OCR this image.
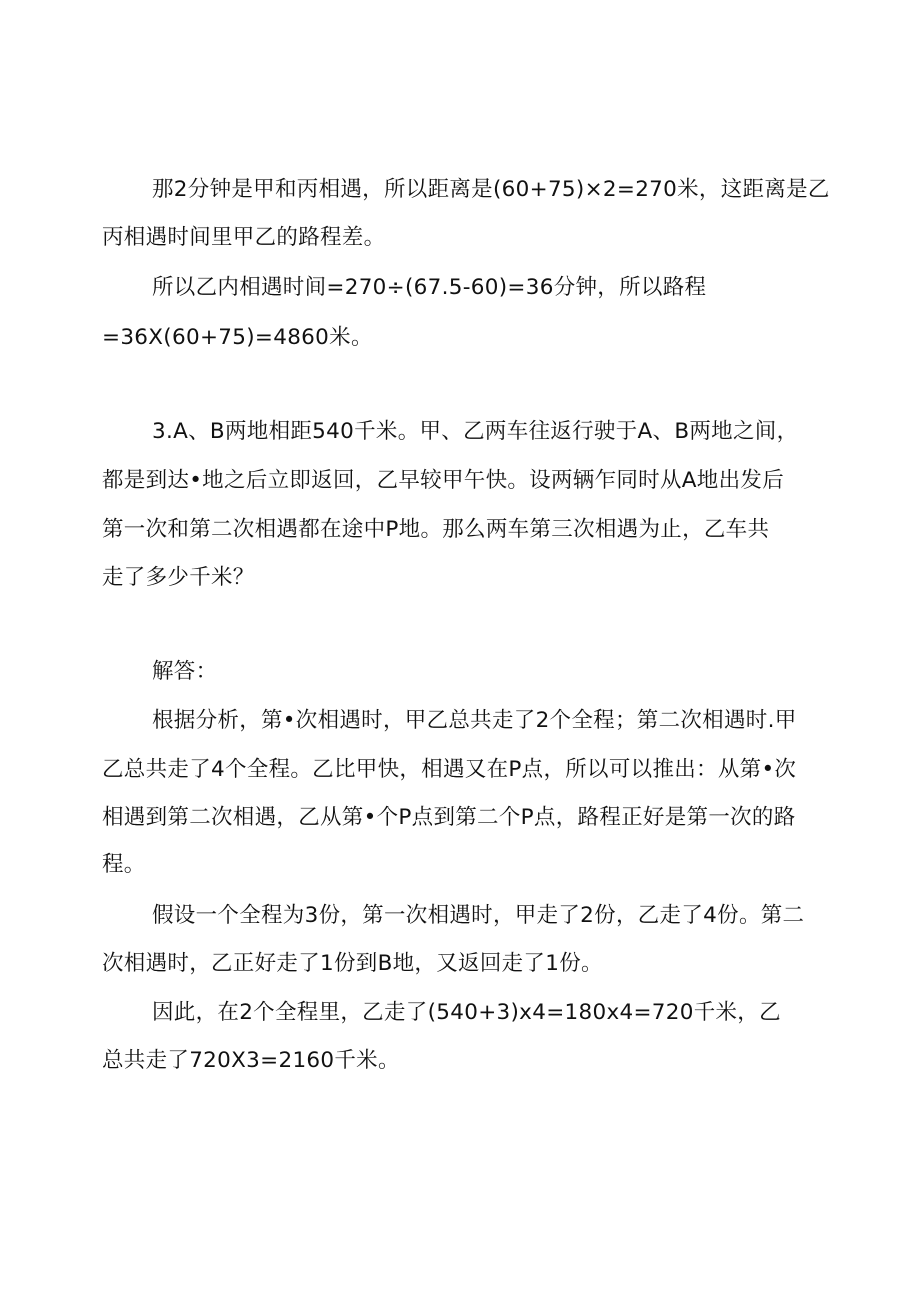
那2分钟是甲和丙相遇，所以距离是(60+75)×2=270米，这距离是乙
丙相遇时间里甲乙的路程差。
所以乙内相遇时间=270÷(67.5-60)=36分钟，所以路程
=36X(60+75)=4860米。
3.A、B两地相距540千米。甲、乙两车往返行驶于A、B两地之间，
都是到达•地之后立即返回，乙早较甲午快。设两辆乍同时从A地出发后
第一次和第二次相遇都在途中P地。那么两车第三次相遇为止，乙车共
走了多少千米？
解答：
根据分析，第•次相遇时，甲乙总共走了2个全程；第二次相遇时.甲
乙总共走了4个全程。乙比甲快，相遇又在P点，所以可以推出：从第•次
相遇到第二次相遇，乙从第•个P点到第二个P点，路程正好是第一次的路
程。
假设一个全程为3份，第一次相遇时，甲走了2份，乙走了4份。第二
次相遇时，乙正好走了1份到B地，又返回走了1份。
因此，在2个全程里，乙走了(540+3)x4=180x4=720千米，乙
总共走了720X3=2160千米。
